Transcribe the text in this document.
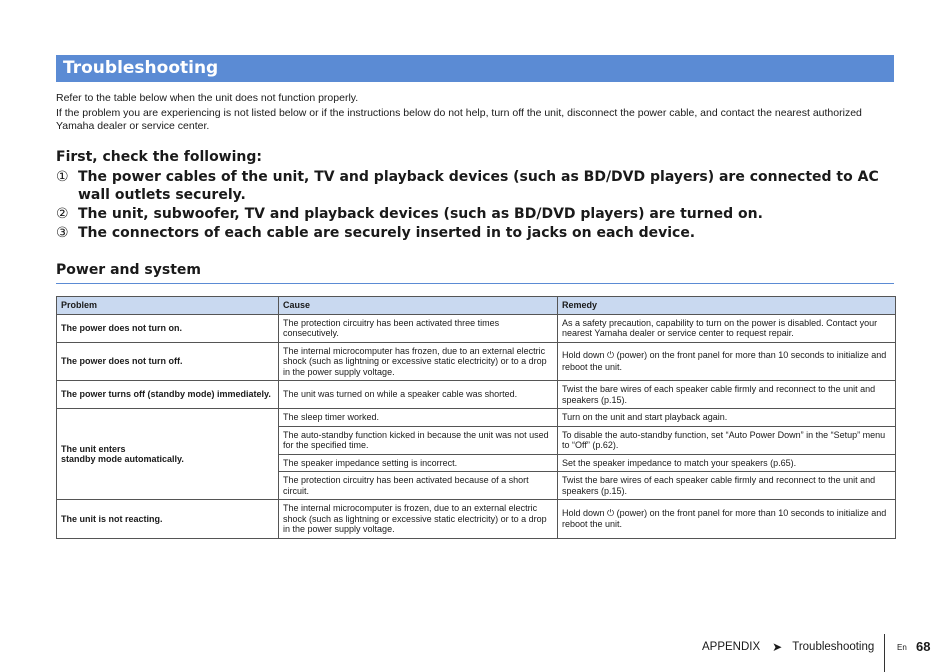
Troubleshooting
Refer to the table below when the unit does not function properly.
If the problem you are experiencing is not listed below or if the instructions below do not help, turn off the unit, disconnect the power cable, and contact the nearest authorized Yamaha dealer or service center.
First, check the following:
① The power cables of the unit, TV and playback devices (such as BD/DVD players) are connected to AC wall outlets securely.
② The unit, subwoofer, TV and playback devices (such as BD/DVD players) are turned on.
③ The connectors of each cable are securely inserted in to jacks on each device.
Power and system
Problem	Cause	Remedy
The power does not turn on.	The protection circuitry has been activated three times consecutively.	As a safety precaution, capability to turn on the power is disabled. Contact your nearest Yamaha dealer or service center to request repair.
The power does not turn off.	The internal microcomputer has frozen, due to an external electric shock (such as lightning or excessive static electricity) or to a drop in the power supply voltage.	Hold down ⏻ (power) on the front panel for more than 10 seconds to initialize and reboot the unit.
The power turns off (standby mode) immediately.	The unit was turned on while a speaker cable was shorted.	Twist the bare wires of each speaker cable firmly and reconnect to the unit and speakers (p.15).
The unit enters
standby mode automatically.	The sleep timer worked.	Turn on the unit and start playback again.
	The auto-standby function kicked in because the unit was not used for the specified time.	To disable the auto-standby function, set “Auto Power Down” in the “Setup” menu to “Off” (p.62).
	The speaker impedance setting is incorrect.	Set the speaker impedance to match your speakers (p.65).
	The protection circuitry has been activated because of a short circuit.	Twist the bare wires of each speaker cable firmly and reconnect to the unit and speakers (p.15).
The unit is not reacting.	The internal microcomputer is frozen, due to an external electric shock (such as lightning or excessive static electricity) or to a drop in the power supply voltage.	Hold down ⏻ (power) on the front panel for more than 10 seconds to initialize and reboot the unit.
APPENDIX ➤ Troubleshooting	En 68
